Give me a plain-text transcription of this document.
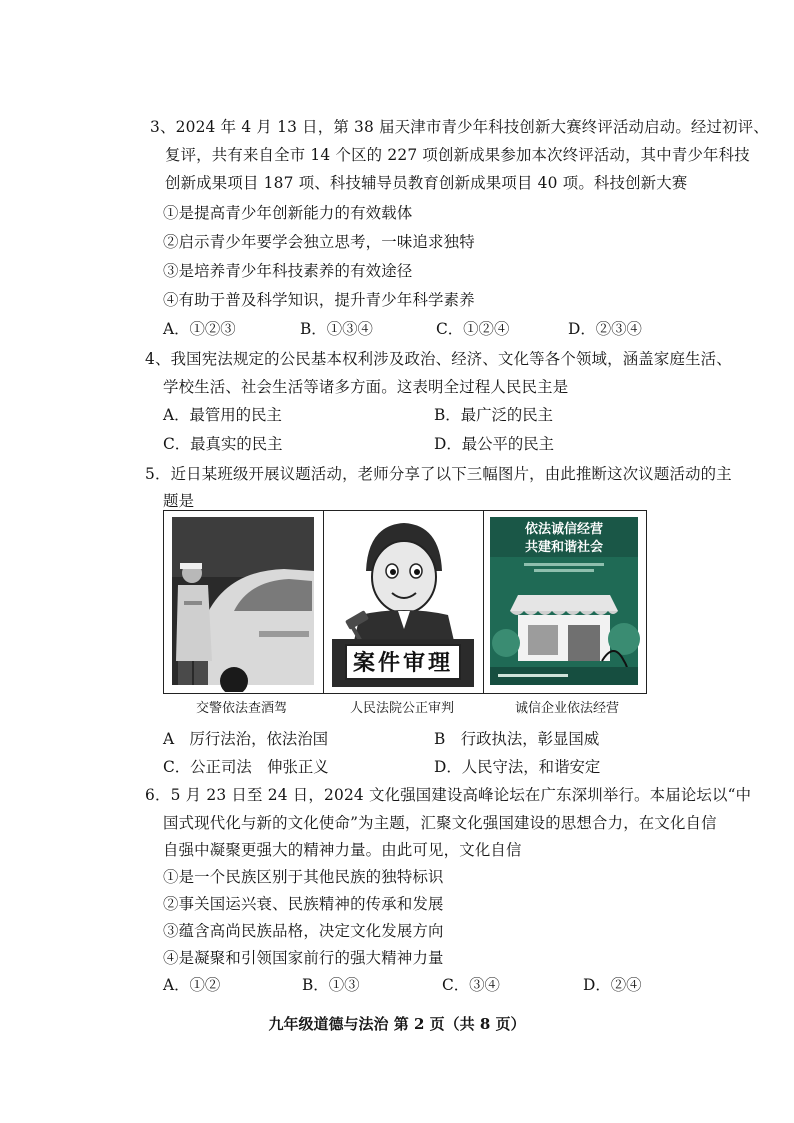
3、2024 年 4 月 13 日，第 38 届天津市青少年科技创新大赛终评活动启动。经过初评、
复评，共有来自全市 14 个区的 227 项创新成果参加本次终评活动，其中青少年科技
创新成果项目 187 项、科技辅导员教育创新成果项目 40 项。科技创新大赛
①是提高青少年创新能力的有效载体
②启示青少年要学会独立思考，一味追求独特
③是培养青少年科技素养的有效途径
④有助于普及科学知识，提升青少年科学素养
A．①②③	B．①③④	C．①②④	D．②③④
4、我国宪法规定的公民基本权利涉及政治、经济、文化等各个领域，涵盖家庭生活、
学校生活、社会生活等诸多方面。这表明全过程人民民主是
A．最管用的民主	B．最广泛的民主
C．最真实的民主	D．最公平的民主
5．近日某班级开展议题活动，老师分享了以下三幅图片，由此推断这次议题活动的主
题是
案件审理
依法诚信经营
共建和谐社会
交警依法查酒驾	人民法院公正审判	诚信企业依法经营
A　厉行法治，依法治国	B　行政执法，彰显国威
C．公正司法　伸张正义	D．人民守法，和谐安定
6．5 月 23 日至 24 日，2024 文化强国建设高峰论坛在广东深圳举行。本届论坛以“中
国式现代化与新的文化使命”为主题，汇聚文化强国建设的思想合力，在文化自信
自强中凝聚更强大的精神力量。由此可见，文化自信
①是一个民族区别于其他民族的独特标识
②事关国运兴衰、民族精神的传承和发展
③蕴含高尚民族品格，决定文化发展方向
④是凝聚和引领国家前行的强大精神力量
A．①②	B．①③	C．③④	D．②④
九年级道德与法治 第 2 页（共 8 页）
